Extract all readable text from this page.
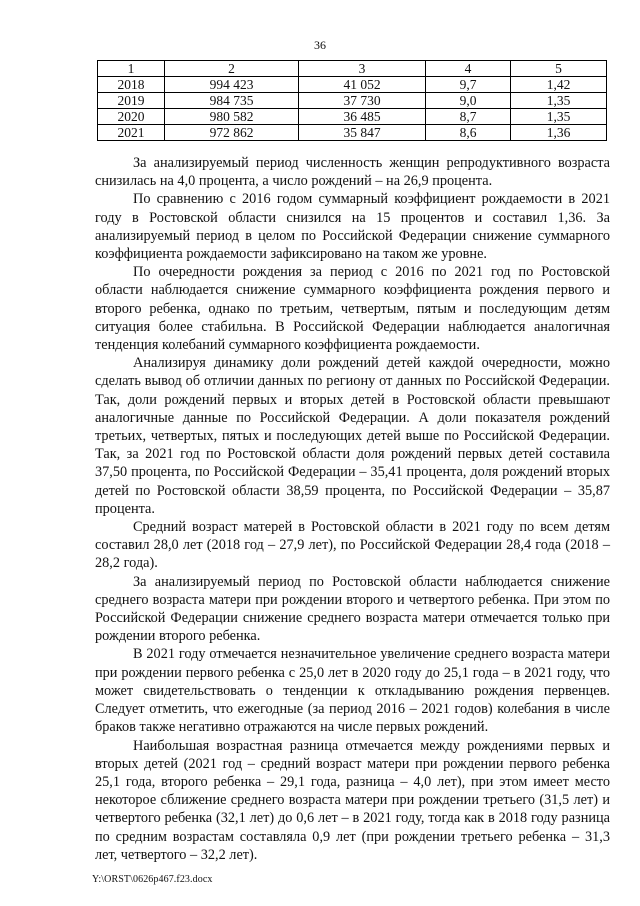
36
1	2	3	4	5
2018	994 423	41 052	9,7	1,42
2019	984 735	37 730	9,0	1,35
2020	980 582	36 485	8,7	1,35
2021	972 862	35 847	8,6	1,36

За анализируемый период численность женщин репродуктивного возраста снизилась на 4,0 процента, а число рождений – на 26,9 процента.

По сравнению с 2016 годом суммарный коэффициент рождаемости в 2021 году в Ростовской области снизился на 15 процентов и составил 1,36. За анализируемый период в целом по Российской Федерации снижение суммарного коэффициента рождаемости зафиксировано на таком же уровне.

По очередности рождения за период с 2016 по 2021 год по Ростовской области наблюдается снижение суммарного коэффициента рождения первого и второго ребенка, однако по третьим, четвертым, пятым и последующим детям ситуация более стабильна. В Российской Федерации наблюдается аналогичная тенденция колебаний суммарного коэффициента рождаемости.

Анализируя динамику доли рождений детей каждой очередности, можно сделать вывод об отличии данных по региону от данных по Российской Федерации. Так, доли рождений первых и вторых детей в Ростовской области превышают аналогичные данные по Российской Федерации. А доли показателя рождений третьих, четвертых, пятых и последующих детей выше по Российской Федерации. Так, за 2021 год по Ростовской области доля рождений первых детей составила 37,50 процента, по Российской Федерации – 35,41 процента, доля рождений вторых детей по Ростовской области 38,59 процента, по Российской Федерации – 35,87 процента.

Средний возраст матерей в Ростовской области в 2021 году по всем детям составил 28,0 лет (2018 год – 27,9 лет), по Российской Федерации 28,4 года (2018 – 28,2 года).

За анализируемый период по Ростовской области наблюдается снижение среднего возраста матери при рождении второго и четвертого ребенка. При этом по Российской Федерации снижение среднего возраста матери отмечается только при рождении второго ребенка.

В 2021 году отмечается незначительное увеличение среднего возраста матери при рождении первого ребенка с 25,0 лет в 2020 году до 25,1 года – в 2021 году, что может свидетельствовать о тенденции к откладыванию рождения первенцев. Следует отметить, что ежегодные (за период 2016 – 2021 годов) колебания в числе браков также негативно отражаются на числе первых рождений.

Наибольшая возрастная разница отмечается между рождениями первых и вторых детей (2021 год – средний возраст матери при рождении первого ребенка 25,1 года, второго ребенка – 29,1 года, разница – 4,0 лет), при этом имеет место некоторое сближение среднего возраста матери при рождении третьего (31,5 лет) и четвертого ребенка (32,1 лет) до 0,6 лет – в 2021 году, тогда как в 2018 году разница по средним возрастам составляла 0,9 лет (при рождении третьего ребенка – 31,3 лет, четвертого – 32,2 лет).

Y:\ORST\0626p467.f23.docx
